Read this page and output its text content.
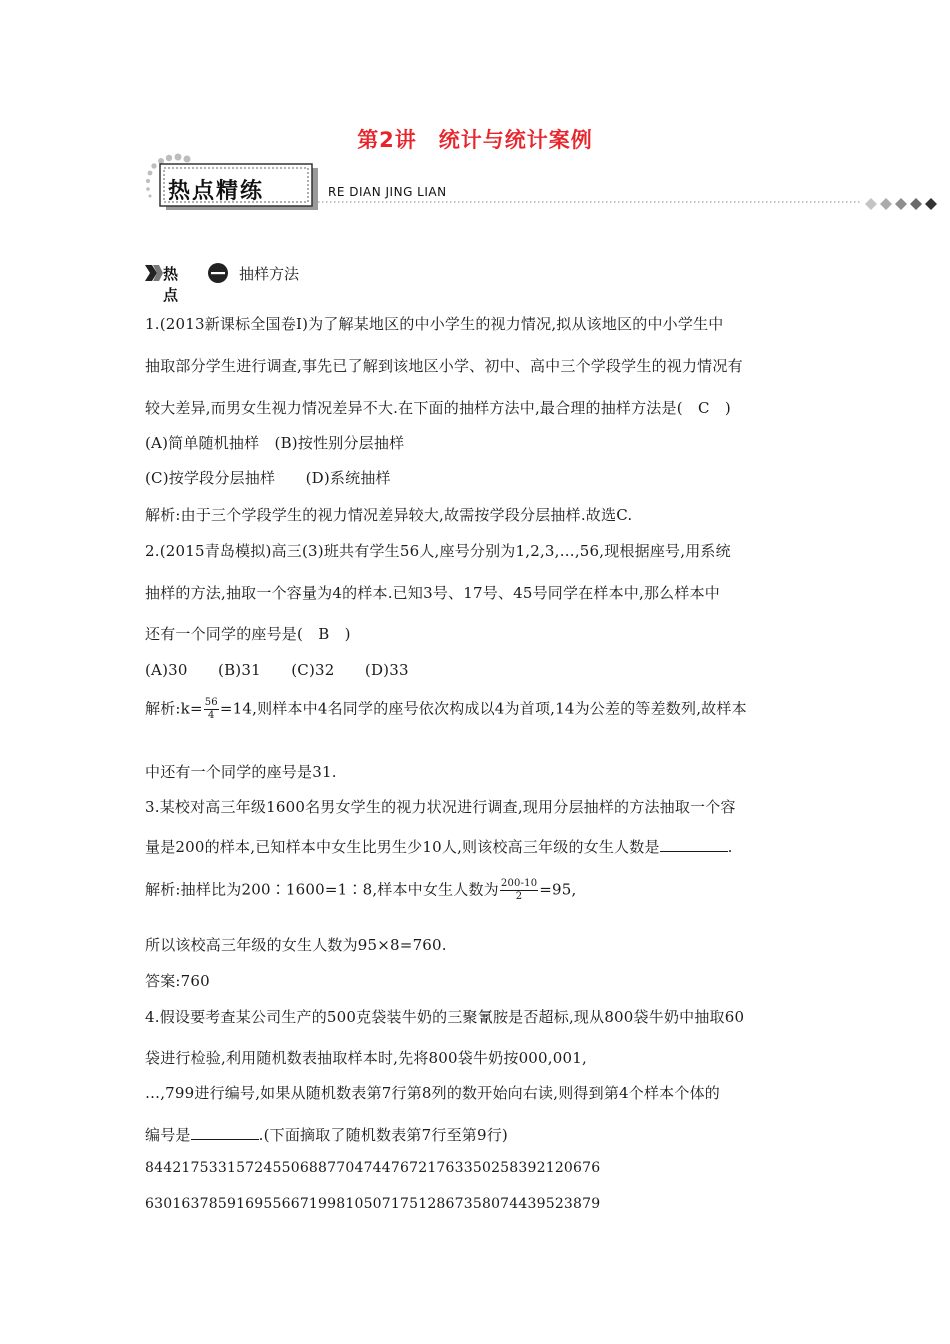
第2讲　统计与统计案例
热点精练	RE DIAN JING LIAN
热点
抽样方法
1.(2013新课标全国卷Ⅰ)为了解某地区的中小学生的视力情况,拟从该地区的中小学生中
抽取部分学生进行调查,事先已了解到该地区小学、初中、高中三个学段学生的视力情况有
较大差异,而男女生视力情况差异不大.在下面的抽样方法中,最合理的抽样方法是(　C　)
(A)简单随机抽样　(B)按性别分层抽样
(C)按学段分层抽样　　(D)系统抽样
解析:由于三个学段学生的视力情况差异较大,故需按学段分层抽样.故选C.
2.(2015青岛模拟)高三(3)班共有学生56人,座号分别为1,2,3,…,56,现根据座号,用系统
抽样的方法,抽取一个容量为4的样本.已知3号、17号、45号同学在样本中,那么样本中
还有一个同学的座号是(　B　)
(A)30　　(B)31　　(C)32　　(D)33
解析:k= $\frac{56}{4} =14$,则样本中4名同学的座号依次构成以4为首项,14为公差的等差数列,故样本
中还有一个同学的座号是31.
3.某校对高三年级1600名男女学生的视力状况进行调查,现用分层抽样的方法抽取一个容
量是200的样本,已知样本中女生比男生少10人,则该校高三年级的女生人数是	.
解析:抽样比为200∶1600=1∶8,样本中女生人数为 $\frac{200-10}{2} =95$,
所以该校高三年级的女生人数为95×8=760.
答案:760
4.假设要考查某公司生产的500克袋装牛奶的三聚氰胺是否超标,现从800袋牛奶中抽取60
袋进行检验,利用随机数表抽取样本时,先将800袋牛奶按000,001,
…,799进行编号,如果从随机数表第7行第8列的数开始向右读,则得到第4个样本个体的
编号是	.(下面摘取了随机数表第7行至第9行)
84421753315724550688770474476721763350258392120676
63016378591695566719981050717512867358074439523879
